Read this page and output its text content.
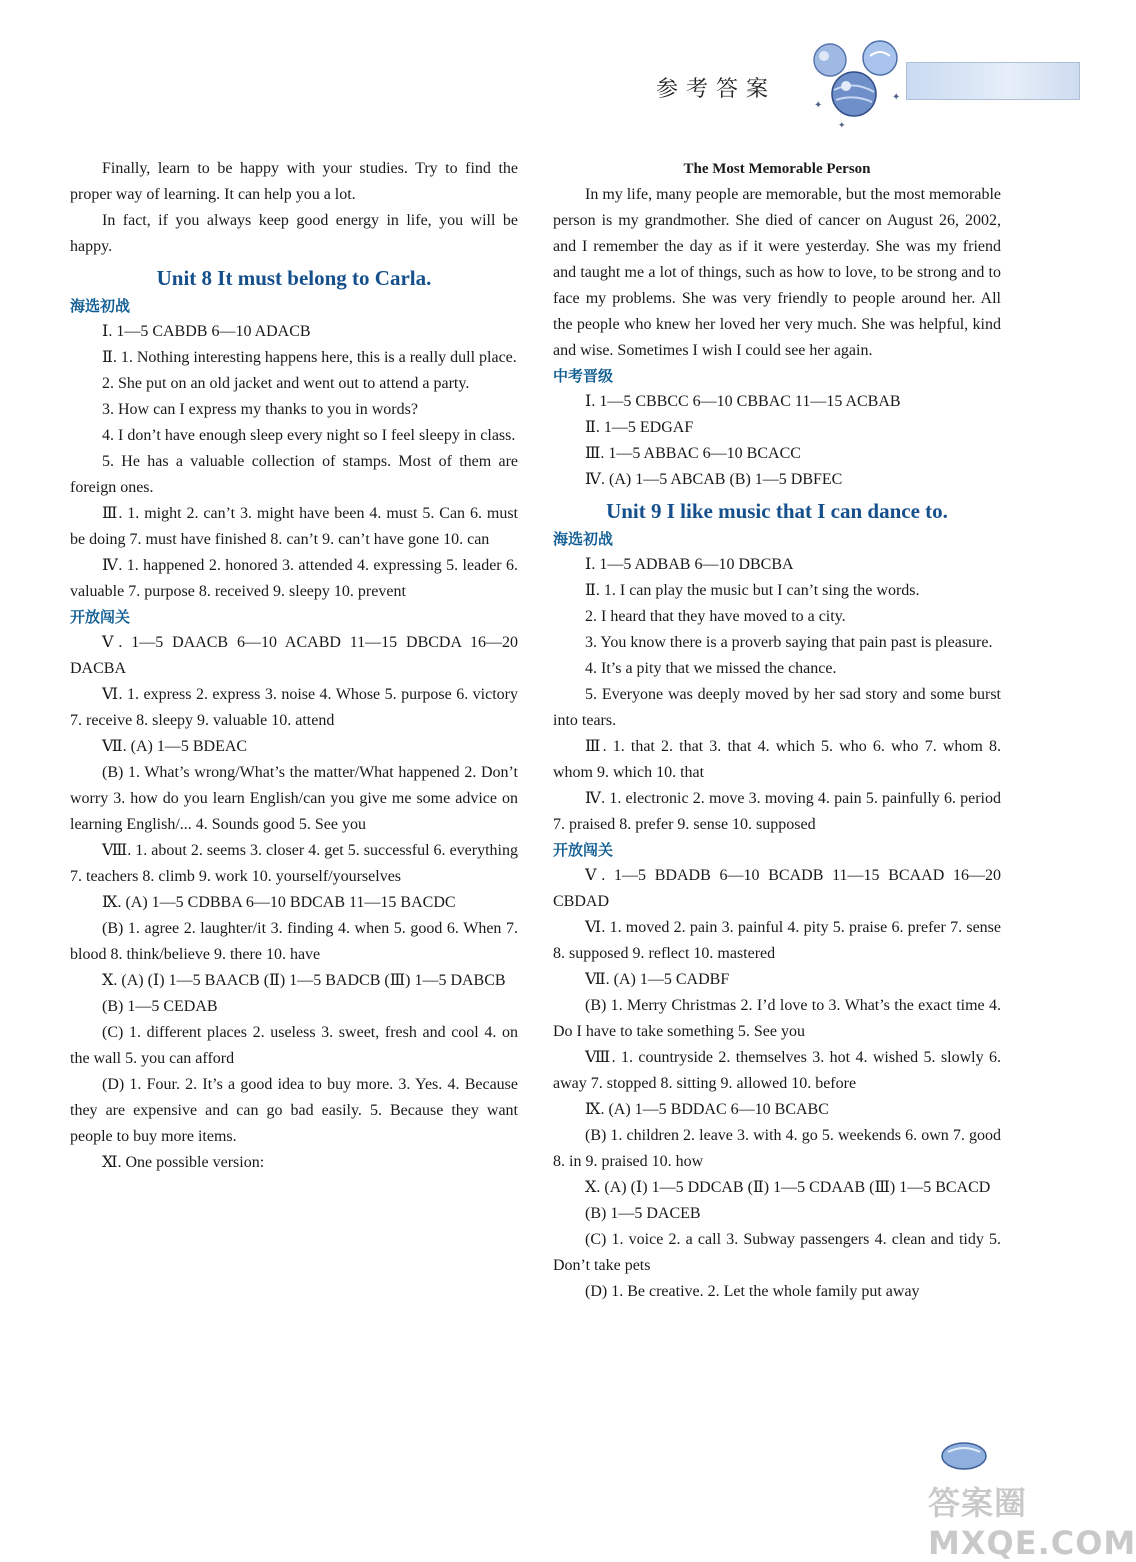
参考答案
✦
✦
✦

Finally, learn to be happy with your studies. Try to find the proper way of learning. It can help you a lot.

In fact, if you always keep good energy in life, you will be happy.

Unit 8 It must belong to Carla.

海选初战

Ⅰ. 1—5 CABDB 6—10 ADACB

Ⅱ. 1. Nothing interesting happens here, this is a really dull place.

2. She put on an old jacket and went out to attend a party.

3. How can I express my thanks to you in words?

4. I don’t have enough sleep every night so I feel sleepy in class.

5. He has a valuable collection of stamps. Most of them are foreign ones.

Ⅲ. 1. might 2. can’t 3. might have been 4. must 5. Can 6. must be doing 7. must have finished 8. can’t 9. can’t have gone 10. can

Ⅳ. 1. happened 2. honored 3. attended 4. expressing 5. leader 6. valuable 7. purpose 8. received 9. sleepy 10. prevent

开放闯关

Ⅴ. 1—5 DAACB 6—10 ACABD 11—15 DBCDA 16—20 DACBA

Ⅵ. 1. express 2. express 3. noise 4. Whose 5. purpose 6. victory 7. receive 8. sleepy 9. valuable 10. attend

Ⅶ. (A) 1—5 BDEAC

(B) 1. What’s wrong/What’s the matter/What happened 2. Don’t worry 3. how do you learn English/can you give me some advice on learning English/... 4. Sounds good 5. See you

Ⅷ. 1. about 2. seems 3. closer 4. get 5. successful 6. everything 7. teachers 8. climb 9. work 10. yourself/yourselves

Ⅸ. (A) 1—5 CDBBA 6—10 BDCAB 11—15 BACDC

(B) 1. agree 2. laughter/it 3. finding 4. when 5. good 6. When 7. blood 8. think/believe 9. there 10. have

Ⅹ. (A) (Ⅰ) 1—5 BAACB (Ⅱ) 1—5 BADCB (Ⅲ) 1—5 DABCB

(B) 1—5 CEDAB

(C) 1. different places 2. useless 3. sweet, fresh and cool 4. on the wall 5. you can afford

(D) 1. Four. 2. It’s a good idea to buy more. 3. Yes. 4. Because they are expensive and can go bad easily. 5. Because they want people to buy more items.

Ⅺ. One possible version:

The Most Memorable Person

In my life, many people are memorable, but the most memorable person is my grandmother. She died of cancer on August 26, 2002, and I remember the day as if it were yesterday. She was my friend and taught me a lot of things, such as how to love, to be strong and to face my problems. She was very friendly to people around her. All the people who knew her loved her very much. She was helpful, kind and wise. Sometimes I wish I could see her again.

中考晋级

Ⅰ. 1—5 CBBCC 6—10 CBBAC 11—15 ACBAB

Ⅱ. 1—5 EDGAF

Ⅲ. 1—5 ABBAC 6—10 BCACC

Ⅳ. (A) 1—5 ABCAB (B) 1—5 DBFEC

Unit 9 I like music that I can dance to.

海选初战

Ⅰ. 1—5 ADBAB 6—10 DBCBA

Ⅱ. 1. I can play the music but I can’t sing the words.

2. I heard that they have moved to a city.

3. You know there is a proverb saying that pain past is pleasure.

4. It’s a pity that we missed the chance.

5. Everyone was deeply moved by her sad story and some burst into tears.

Ⅲ. 1. that 2. that 3. that 4. which 5. who 6. who 7. whom 8. whom 9. which 10. that

Ⅳ. 1. electronic 2. move 3. moving 4. pain 5. painfully 6. period 7. praised 8. prefer 9. sense 10. supposed

开放闯关

Ⅴ. 1—5 BDADB 6—10 BCADB 11—15 BCAAD 16—20 CBDAD

Ⅵ. 1. moved 2. pain 3. painful 4. pity 5. praise 6. prefer 7. sense 8. supposed 9. reflect 10. mastered

Ⅶ. (A) 1—5 CADBF

(B) 1. Merry Christmas 2. I’d love to 3. What’s the exact time 4. Do I have to take something 5. See you

Ⅷ. 1. countryside 2. themselves 3. hot 4. wished 5. slowly 6. away 7. stopped 8. sitting 9. allowed 10. before

Ⅸ. (A) 1—5 BDDAC 6—10 BCABC

(B) 1. children 2. leave 3. with 4. go 5. weekends 6. own 7. good 8. in 9. praised 10. how

Ⅹ. (A) (Ⅰ) 1—5 DDCAB (Ⅱ) 1—5 CDAAB (Ⅲ) 1—5 BCACD

(B) 1—5 DACEB

(C) 1. voice 2. a call 3. Subway passengers 4. clean and tidy 5. Don’t take pets

(D) 1. Be creative. 2. Let the whole family put away

答案圈 MXQE.COM
